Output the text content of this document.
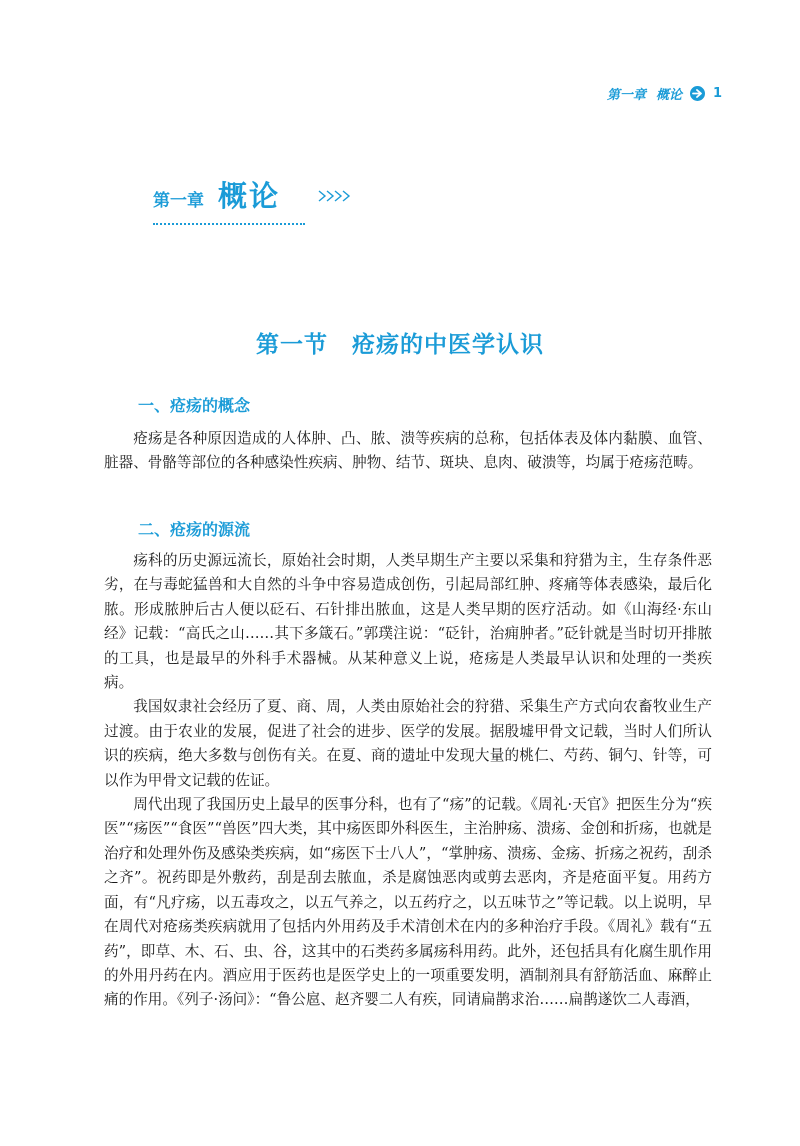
第一章 概论 1
第一章 概论
第一节　疮疡的中医学认识
一、疮疡的概念

疮疡是各种原因造成的人体肿、凸、脓、溃等疾病的总称，包括体表及体内黏膜、血管、脏器、骨骼等部位的各种感染性疾病、肿物、结节、斑块、息肉、破溃等，均属于疮疡范畴。

二、疮疡的源流

疡科的历史源远流长，原始社会时期，人类早期生产主要以采集和狩猎为主，生存条件恶劣，在与毒蛇猛兽和大自然的斗争中容易造成创伤，引起局部红肿、疼痛等体表感染，最后化脓。形成脓肿后古人便以砭石、石针排出脓血，这是人类早期的医疗活动。如《山海经·东山经》记载：“高氏之山……其下多箴石。”郭璞注说：“砭针，治痈肿者。”砭针就是当时切开排脓的工具，也是最早的外科手术器械。从某种意义上说，疮疡是人类最早认识和处理的一类疾病。

我国奴隶社会经历了夏、商、周，人类由原始社会的狩猎、采集生产方式向农畜牧业生产过渡。由于农业的发展，促进了社会的进步、医学的发展。据殷墟甲骨文记载，当时人们所认识的疾病，绝大多数与创伤有关。在夏、商的遗址中发现大量的桃仁、芍药、铜勺、针等，可以作为甲骨文记载的佐证。

周代出现了我国历史上最早的医事分科，也有了“疡”的记载。《周礼·天官》把医生分为“疾医”“疡医”“食医”“兽医”四大类，其中疡医即外科医生，主治肿疡、溃疡、金创和折疡，也就是治疗和处理外伤及感染类疾病，如“疡医下士八人”，“掌肿疡、溃疡、金疡、折疡之祝药，刮杀之齐”。祝药即是外敷药，刮是刮去脓血，杀是腐蚀恶肉或剪去恶肉，齐是疮面平复。用药方面，有“凡疗疡，以五毒攻之，以五气养之，以五药疗之，以五味节之”等记载。以上说明，早在周代对疮疡类疾病就用了包括内外用药及手术清创术在内的多种治疗手段。《周礼》载有“五药”，即草、木、石、虫、谷，这其中的石类药多属疡科用药。此外，还包括具有化腐生肌作用的外用丹药在内。酒应用于医药也是医学史上的一项重要发明，酒制剂具有舒筋活血、麻醉止痛的作用。《列子·汤问》：“鲁公扈、赵齐婴二人有疾，同请扁鹊求治……扁鹊遂饮二人毒酒，
